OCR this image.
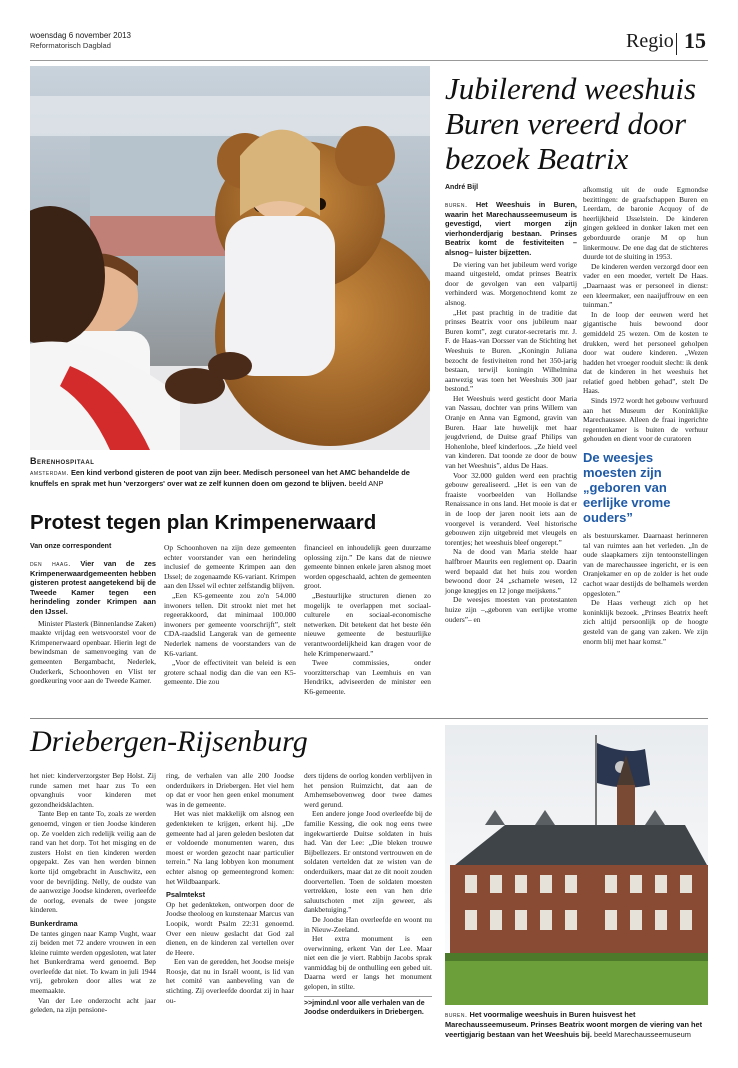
woensdag 6 november 2013
Reformatorisch Dagblad	Regio 15
Berenhospitaal
amsterdam. Een kind verbond gisteren de poot van zijn beer. Medisch personeel van het AMC behandelde de knuffels en sprak met hun 'verzorgers' over wat ze zelf kunnen doen om gezond te blijven. beeld ANP
Protest tegen plan Krimpenerwaard
Van onze correspondent

den haag. Vier van de zes Krimpenerwaardgemeenten hebben gisteren protest aangetekend bij de Tweede Kamer tegen een herindeling zonder Krimpen aan den IJssel.

Minister Plasterk (Binnenlandse Zaken) maakte vrijdag een wetsvoorstel voor de Krimpenerwaard openbaar. Hierin legt de bewindsman de samenvoeging van de gemeenten Bergambacht, Nederlek, Ouderkerk, Schoonhoven en Vlist ter goedkeuring voor aan de Tweede Kamer.

Op Schoonhoven na zijn deze gemeenten echter voorstander van een herindeling inclusief de gemeente Krimpen aan den IJssel; de zogenaamde K6-variant. Krimpen aan den IJssel wil echter zelfstandig blijven.

„Een K5-gemeente zou zo'n 54.000 inwoners tellen. Dit strookt niet met het regeerakkoord, dat minimaal 100.000 inwoners per gemeente voorschrijft”, stelt CDA-raadslid Langerak van de gemeente Nederlek namens de voorstanders van de K6-variant.

„Voor de effectiviteit van beleid is een grotere schaal nodig dan die van een K5-gemeente. Die zou

financieel en inhoudelijk geen duurzame oplossing zijn.” De kans dat de nieuwe gemeente binnen enkele jaren alsnog moet worden opgeschaald, achten de gemeenten groot.

„Bestuurlijke structuren dienen zo mogelijk te overlappen met sociaal-culturele en sociaal-economische netwerken. Dit betekent dat het beste één nieuwe gemeente de bestuurlijke verantwoordelijkheid kan dragen voor de hele Krimpenerwaard.”

Twee commissies, onder voorzitterschap van Leemhuis en van Hendrikx, adviseerden de minister een K6-gemeente.

Jubilerend weeshuis
Buren vereerd door
bezoek Beatrix
André Bijl

buren. Het Weeshuis in Buren, waarin het Marechausseemuseum is gevestigd, viert morgen zijn vierhonderdjarig bestaan. Prinses Beatrix komt de festiviteiten –alsnog– luister bijzetten.

De viering van het jubileum werd vorige maand uitgesteld, omdat prinses Beatrix door de gevolgen van een valpartij verhinderd was. Morgenochtend komt ze alsnog.

„Het past prachtig in de traditie dat prinses Beatrix voor ons jubileum naar Buren komt”, zegt curator-secretaris mr. J. F. de Haas-van Dorsser van de Stichting het Weeshuis te Buren. „Koningin Juliana bezocht de festiviteiten rond het 350-jarig bestaan, terwijl koningin Wilhelmina aanwezig was toen het Weeshuis 300 jaar bestond.”

Het Weeshuis werd gesticht door Maria van Nassau, dochter van prins Willem van Oranje en Anna van Egmond, gravin van Buren. Haar late huwelijk met haar jeugdvriend, de Duitse graaf Philips van Hohenlohe, bleef kinderloos. „Ze hield veel van kinderen. Dat toonde ze door de bouw van het Weeshuis”, aldus De Haas.

Voor 32.000 gulden werd een prachtig gebouw gerealiseerd. „Het is een van de fraaiste voorbeelden van Hollandse Renaissance in ons land. Het mooie is dat er in de loop der jaren nooit iets aan de voorgevel is veranderd. Veel historische gebouwen zijn uitgebreid met vleugels en torentjes; het weeshuis bleef ongerept.”

Na de dood van Maria stelde haar halfbroer Maurits een reglement op. Daarin werd bepaald dat het huis zou worden bewoond door 24 „schamele wesen, 12 jonge knegtjes en 12 jonge meijskens.”

De weesjes moesten van protestanten huize zijn –„geboren van eerlijke vrome ouders”– en

afkomstig uit de oude Egmondse bezittingen: de graafschappen Buren en Leerdam, de baronie Acquoy of de heerlijkheid IJsselstein. De kinderen gingen gekleed in donker laken met een geborduurde oranje M op hun linkermouw. De ene dag dat de stichteres duurde tot de sluiting in 1953.

De kinderen werden verzorgd door een vader en een moeder, vertelt De Haas. „Daarnaast was er personeel in dienst: een kleermaker, een naaijuffrouw en een tuinman.”

In de loop der eeuwen werd het gigantische huis bewoond door gemiddeld 25 wezen. Om de kosten te drukken, werd het personeel geholpen door wat oudere kinderen. „Wezen hadden het vroeger rooduit slecht: ik denk dat de kinderen in het weeshuis het relatief goed hebben gehad”, stelt De Haas.

Sinds 1972 wordt het gebouw verhuurd aan het Museum der Koninklijke Marechaussee. Alleen de fraai ingerichte regentenkamer is buiten de verhuur gehouden en dient voor de curatoren

De weesjes moesten zijn „geboren van eerlijke vrome ouders”

als bestuurskamer. Daarnaast herinneren tal van ruimtes aan het verleden. „In de oude slaapkamers zijn tentoonstellingen van de marechaussee ingericht, er is een Oranjekamer en op de zolder is het oude cachot waar destijds de belhamels werden opgesloten.”

De Haas verheugt zich op het koninklijk bezoek. „Prinses Beatrix heeft zich altijd persoonlijk op de hoogte gesteld van de gang van zaken. We zijn enorm blij met haar komst.”

Driebergen-Rijsenburg

het niet: kinderverzorgster Bep Holst. Zij runde samen met haar zus To een opvanghuis voor kinderen met gezondheidsklachten.

Tante Bep en tante To, zoals ze werden genoemd, vingen er tien Joodse kinderen op. Ze voelden zich redelijk veilig aan de rand van het dorp. Tot het misging en de zusters Holst en tien kinderen werden opgepakt. Zes van hen werden binnen korte tijd omgebracht in Auschwitz, een voor de bevrijding. Nelly, de oudste van de aanwezige Joodse kinderen, overleefde de oorlog, evenals de twee jongste kinderen.

Bunkerdrama

De tantes gingen naar Kamp Vught, waar zij beiden met 72 andere vrouwen in een kleine ruimte werden opgesloten, wat later het Bunkerdrama werd genoemd. Bep overleefde dat niet. To kwam in juli 1944 vrij, gebroken door alles wat ze meemaakte.

Van der Lee onderzocht acht jaar geleden, na zijn pensione-

ring, de verhalen van alle 200 Joodse onderduikers in Driebergen. Het viel hem op dat er voor hen geen enkel monument was in de gemeente.

Het was niet makkelijk om alsnog een gedenkteken te krijgen, erkent hij. „De gemeente had al jaren geleden besloten dat er voldoende monumenten waren, dus moest er worden gezocht naar particulier terrein.” Na lang lobbyen kon monument echter alsnog op gemeentegrond komen: het Wildbaanpark.

Psalmtekst

Op het gedenkteken, ontworpen door de Joodse theoloog en kunstenaar Marcus van Loopik, wordt Psalm 22:31 genoemd. Over een nieuw geslacht dat God zal dienen, en de kinderen zal vertellen over de Heere.

Een van de geredden, het Joodse meisje Roosje, dat nu in Israël woont, is lid van het comité van aanbeveling van de stichting. Zij overleefde doordat zij in haar ou-

ders tijdens de oorlog konden verblijven in het pension Ruimzicht, dat aan de Arnhemsebovenweg door twee dames werd gerund.

Een andere jonge Jood overleefde bij de familie Kessing, die ook nog eens twee ingekwartierde Duitse soldaten in huis had. Van der Lee: „Die bleken trouwe Bijbellezers. Er ontstond vertrouwen en de soldaten vertelden dat ze wisten van de onderduikers, maar dat ze dit nooit zouden doorvertellen. Toen de soldaten moesten vertrekken, loste een van hen drie saluutschoten met zijn geweer, als dankbetuiging.”

De Joodse Han overleefde en woont nu in Nieuw-Zeeland.

Het extra monument is een overwinning, erkent Van der Lee. Maar niet een die je viert. Rabbijn Jacobs sprak vanmiddag bij de onthulling een gebed uit. Daarna werd er langs het monument gelopen, in stilte.

>>jmind.nl voor alle verhalen van de Joodse onderduikers in Driebergen.	buren. Het voormalige weeshuis in Buren huisvest het Marechausseemuseum. Prinses Beatrix woont morgen de viering van het veertigjarig bestaan van het Weeshuis bij. beeld Marechausseemuseum
